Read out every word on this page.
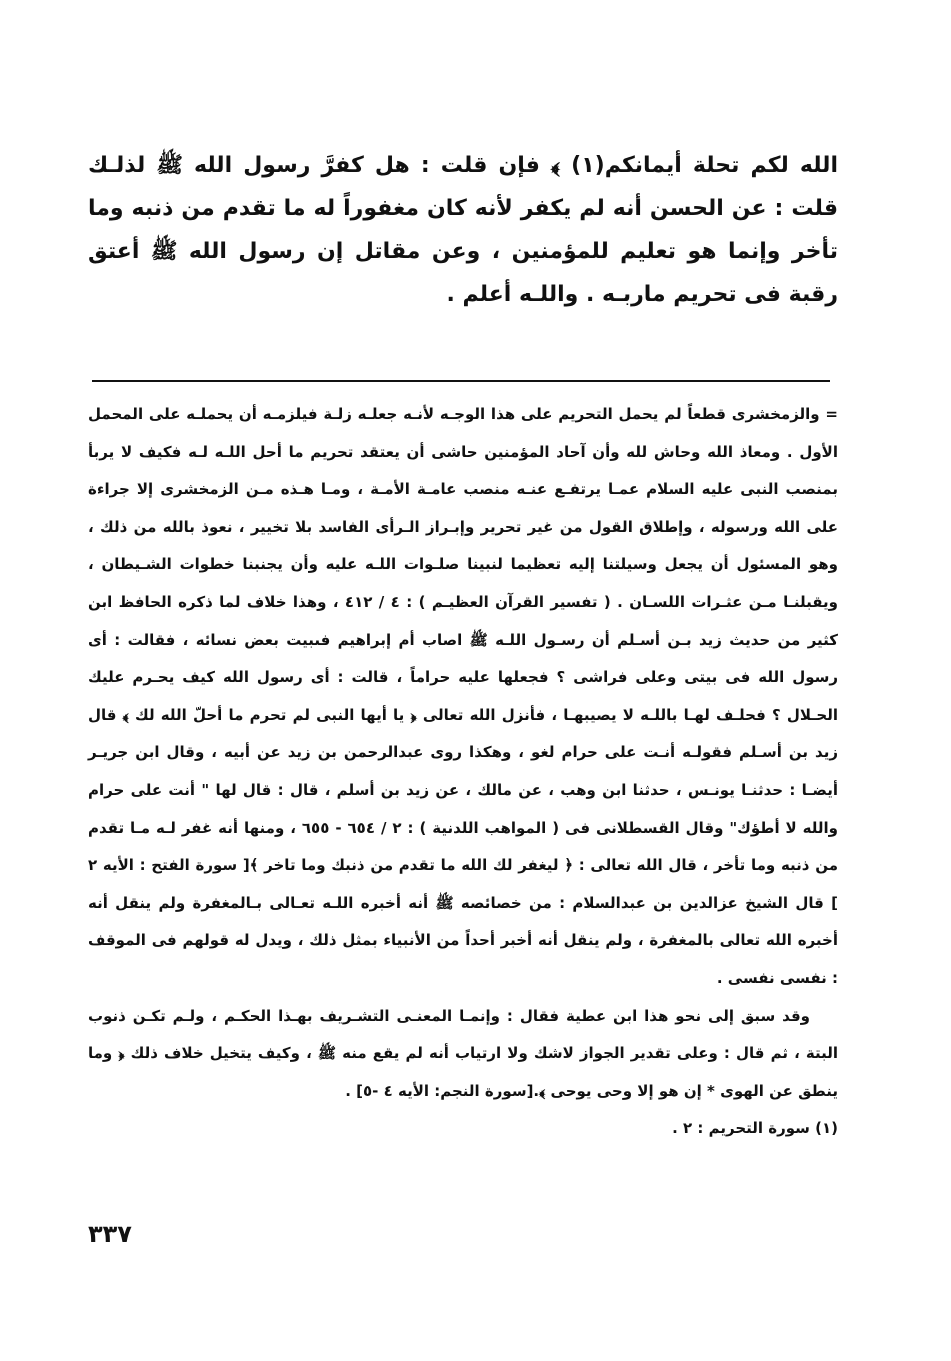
الله لكم تحلة أيمانكم(١) ﴾ فإن قلت : هل كفرَّ رسول الله ﷺ لذلـك قلت : عن الحسن أنه لم يكفر لأنه كان مغفوراً له ما تقدم من ذنبه وما تأخر وإنما هو تعليم للمؤمنين ، وعن مقاتل إن رسول الله ﷺ أعتق رقبة فى تحريم ماربـه . واللـه أعلم .

= والزمخشرى قطعاً لم يحمل التحريم على هذا الوجـه لأنـه جعلـه زلـة فيلزمـه أن يحملـه على المحمل الأول . ومعاذ الله وحاش لله وأن آحاد المؤمنين حاشى أن يعتقد تحريم ما أحل اللـه لـه فكيف لا يربأ بمنصب النبى عليه السلام عمـا يرتفـع عنـه منصب عامـة الأمـة ، ومـا هـذه مـن الزمخشرى إلا جراءة على الله ورسوله ، وإطلاق القول من غير تحرير وإبـراز الـرأى الفاسد بلا تخيير ، نعوذ بالله من ذلك ، وهو المسئول أن يجعل وسيلتنا إليه تعظيما لنبينا صلـوات اللـه عليه وأن يجنبنا خطوات الشـيطان ، ويقبلنـا مـن عثـرات اللسـان . ( تفسير القرآن العظيـم ) : ٤ / ٤١٢ ، وهذا خلاف لما ذكره الحافظ ابن كثير من حديث زيد بـن أسـلم أن رسـول اللـه ﷺ اصاب أم إبراهيم فىبيت بعض نسائه ، فقالت : أى رسول الله فى بيتى وعلى فراشى ؟ فجعلها عليه حراماً ، قالت : أى رسول الله كيف يحـرم عليك الحـلال ؟ فحلـف لهـا باللـه لا يصيبهـا ، فأنزل الله تعالى ﴿ يا أيها النبى لم تحرم ما أحلّ الله لك ﴾ قال زيد بن أسـلم فقولـه أنـت على حرام لغو ، وهكذا روى عبدالرحمن بن زيد عن أبيه ، وقال ابن جريـر أيضـا : حدثنـا يونـس ، حدثنا ابن وهب ، عن مالك ، عن زيد بن أسلم ، قال : قال لها " أنت على حرام والله لا أطؤك" وقال القسطلانى فى ( المواهب اللدنية ) : ٢ / ٦٥٤ - ٦٥٥ ، ومنها أنه غفر لـه مـا تقدم من ذنبه وما تأخر ، قال الله تعالى : ﴿ ليغفر لك الله ما تقدم من ذنبك وما تاخر ﴾[ سورة الفتح : الأيه ٢ ] قال الشيخ عزالدين بن عبدالسلام : من خصائصه ﷺ أنه أخبره اللـه تعـالى بـالمغفرة ولم ينقل أنه أخبره الله تعالى بالمغفرة ، ولم ينقل أنه أخبر أحداً من الأنبياء بمثل ذلك ، ويدل له قولهم فى الموقف : نفسى نفسى .

وقد سبق إلى نحو هذا ابن عطية فقال : وإنمـا المعنـى التشـريف بهـذا الحكـم ، ولـم تكـن ذنوب البتة ، ثم قال : وعلى تقدير الجواز لاشك ولا ارتياب أنه لم يقع منه ﷺ ، وكيف يتخيل خلاف ذلك ﴿ وما ينطق عن الهوى * إن هو إلا وحى يوحى ﴾.[سورة النجم: الأيه ٤ -٥] .

(١) سورة التحريم : ٢ .

٣٣٧
